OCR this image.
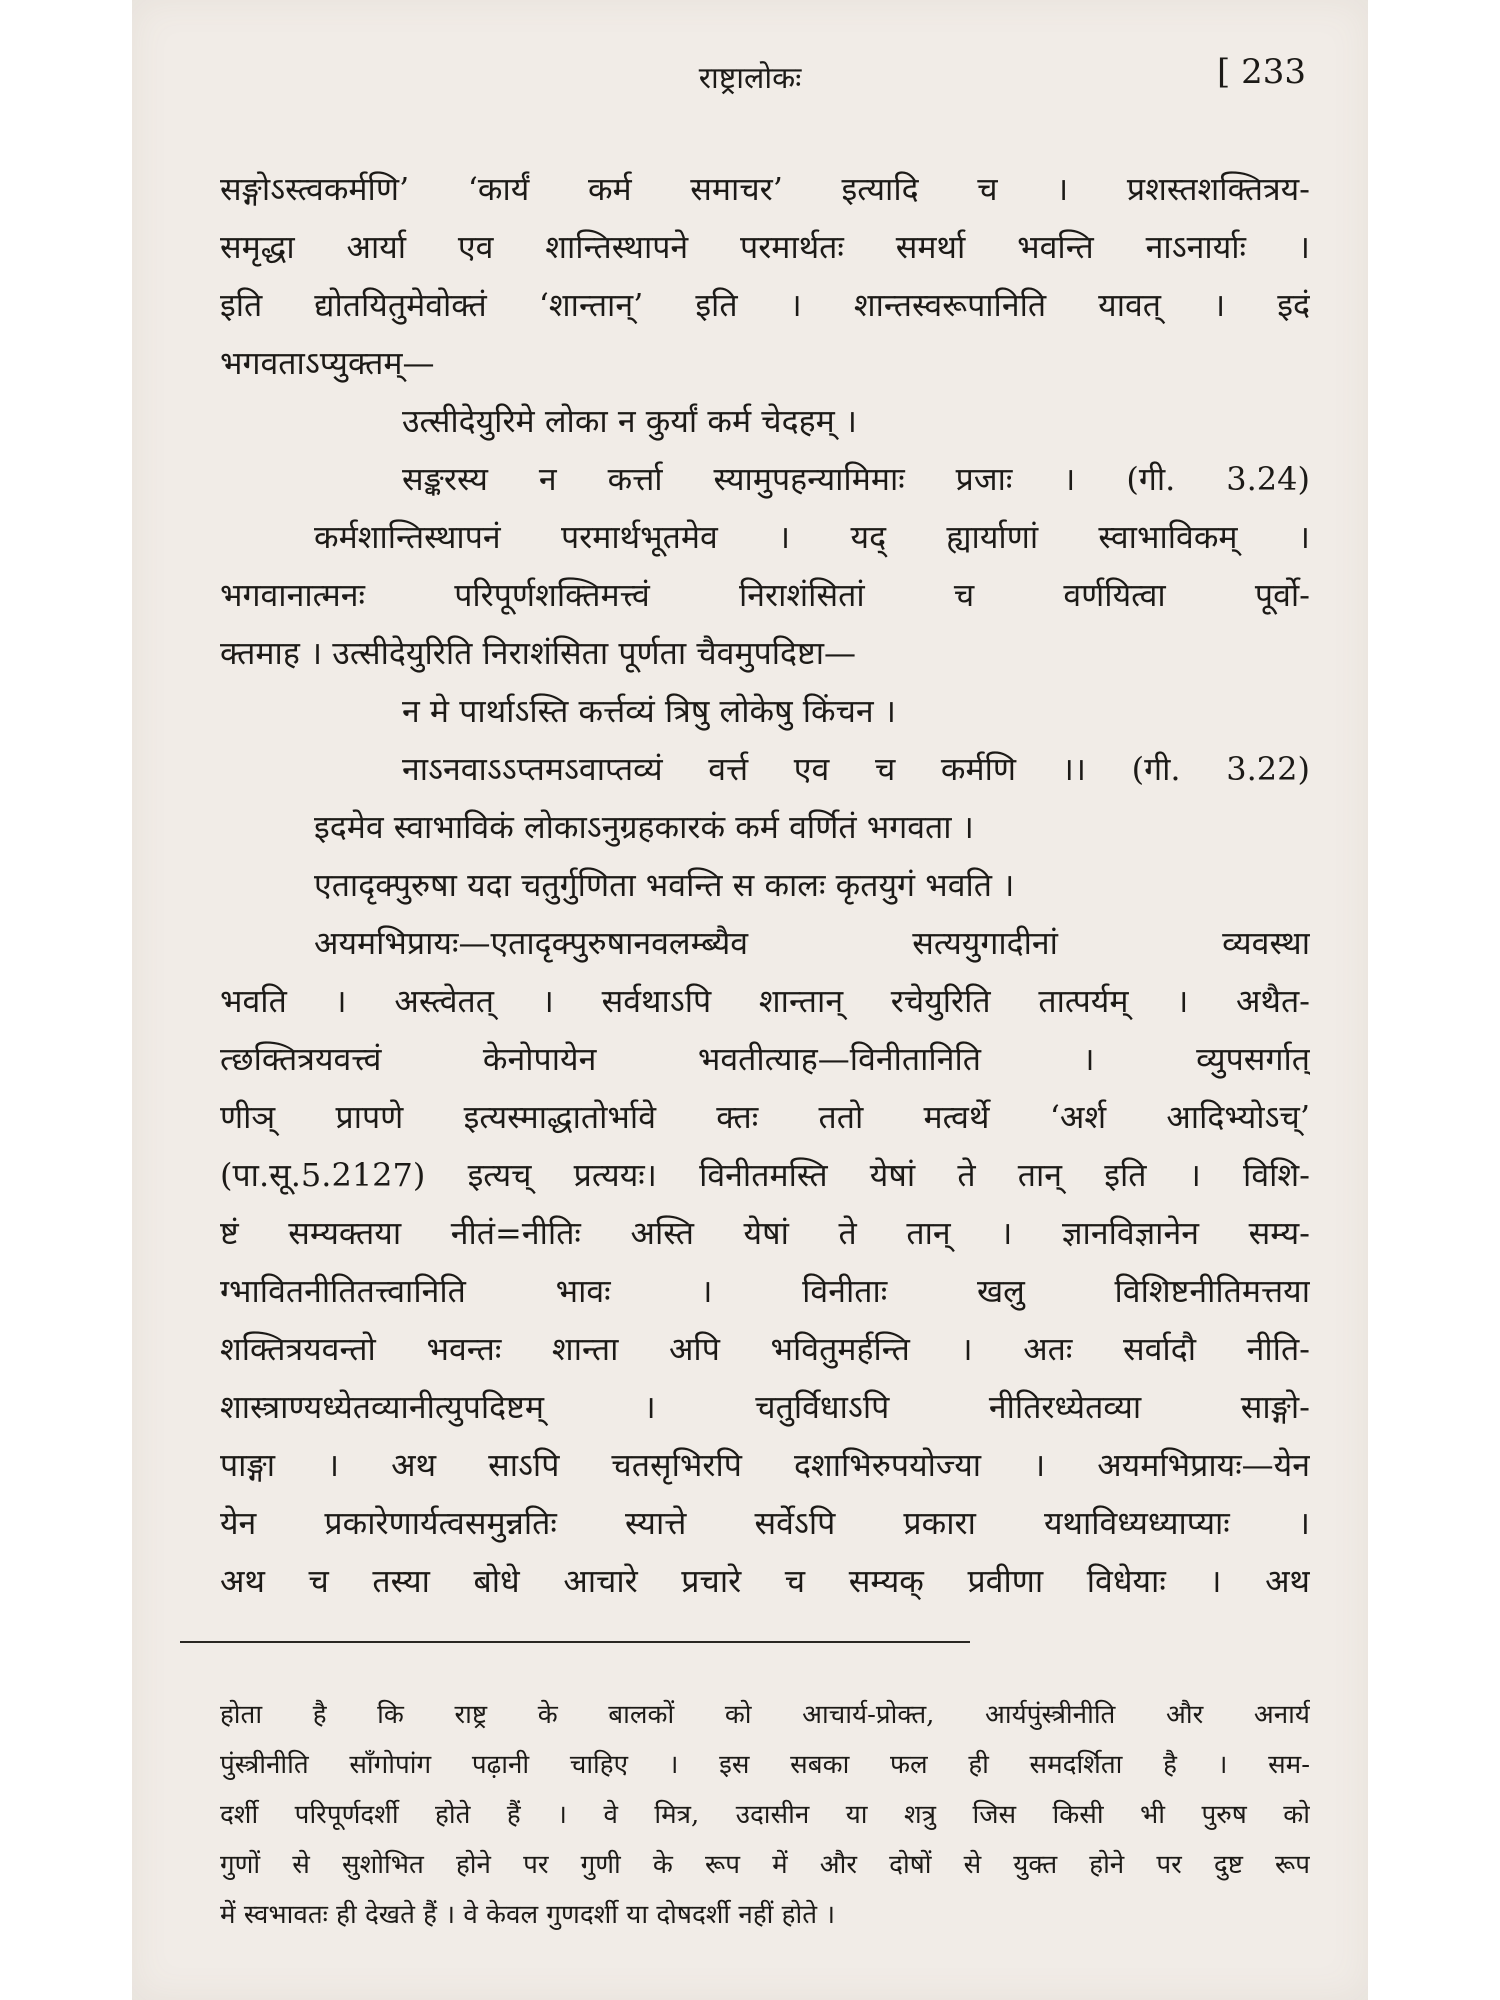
राष्ट्रालोकः	[ 233
सङ्गोऽस्त्वकर्मणि’ ‘कार्यं कर्म समाचर’ इत्यादि च । प्रशस्तशक्तित्रय-
समृद्धा आर्या एव शान्तिस्थापने परमार्थतः समर्था भवन्ति नाऽनार्याः ।
इति द्योतयितुमेवोक्तं ‘शान्तान्’ इति । शान्तस्वरूपानिति यावत् । इदं
भगवताऽप्युक्तम्—
उत्सीदेयुरिमे लोका न कुर्यां कर्म चेदहम् ।
सङ्करस्य न कर्त्ता स्यामुपहन्यामिमाः प्रजाः । (गी. 3.24)
कर्मशान्तिस्थापनं परमार्थभूतमेव । यद् ह्यार्याणां स्वाभाविकम् ।
भगवानात्मनः परिपूर्णशक्तिमत्त्वं निराशंसितां च वर्णयित्वा पूर्वो-
क्तमाह । उत्सीदेयुरिति निराशंसिता पूर्णता चैवमुपदिष्टा—
न मे पार्थाऽस्ति कर्त्तव्यं त्रिषु लोकेषु किंचन ।
नाऽनवाऽऽप्तमऽवाप्तव्यं वर्त्त एव च कर्मणि ।। (गी. 3.22)
इदमेव स्वाभाविकं लोकाऽनुग्रहकारकं कर्म वर्णितं भगवता ।
एतादृक्पुरुषा यदा चतुर्गुणिता भवन्ति स कालः कृतयुगं भवति ।
अयमभिप्रायः—एतादृक्पुरुषानवलम्ब्यैव सत्ययुगादीनां व्यवस्था
भवति । अस्त्वेतत् । सर्वथाऽपि शान्तान् रचेयुरिति तात्पर्यम् । अथैत-
त्छक्तित्रयवत्त्वं केनोपायेन भवतीत्याह—विनीतानिति । व्युपसर्गात्
णीञ् प्रापणे इत्यस्माद्धातोर्भावे क्तः ततो मत्वर्थे ‘अर्श आदिभ्योऽच्’
(पा.सू.5.2127) इत्यच् प्रत्ययः। विनीतमस्ति येषां ते तान् इति । विशि-
ष्टं सम्यक्तया नीतं=नीतिः अस्ति येषां ते तान् । ज्ञानविज्ञानेन सम्य-
ग्भावितनीतितत्त्वानिति भावः । विनीताः खलु विशिष्टनीतिमत्तया
शक्तित्रयवन्तो भवन्तः शान्ता अपि भवितुमर्हन्ति । अतः सर्वादौ नीति-
शास्त्राण्यध्येतव्यानीत्युपदिष्टम् । चतुर्विधाऽपि नीतिरध्येतव्या साङ्गो-
पाङ्गा । अथ साऽपि चतसृभिरपि दशाभिरुपयोज्या । अयमभिप्रायः—येन
येन प्रकारेणार्यत्वसमुन्नतिः स्यात्ते सर्वेऽपि प्रकारा यथाविध्यध्याप्याः ।
अथ च तस्या बोधे आचारे प्रचारे च सम्यक् प्रवीणा विधेयाः । अथ
होता है कि राष्ट्र के बालकों को आचार्य-प्रोक्त, आर्यपुंस्त्रीनीति और अनार्य
पुंस्त्रीनीति साँगोपांग पढ़ानी चाहिए । इस सबका फल ही समदर्शिता है । सम-
दर्शी परिपूर्णदर्शी होते हैं । वे मित्र, उदासीन या शत्रु जिस किसी भी पुरुष को
गुणों से सुशोभित होने पर गुणी के रूप में और दोषों से युक्त होने पर दुष्ट रूप
में स्वभावतः ही देखते हैं । वे केवल गुणदर्शी या दोषदर्शी नहीं होते ।
